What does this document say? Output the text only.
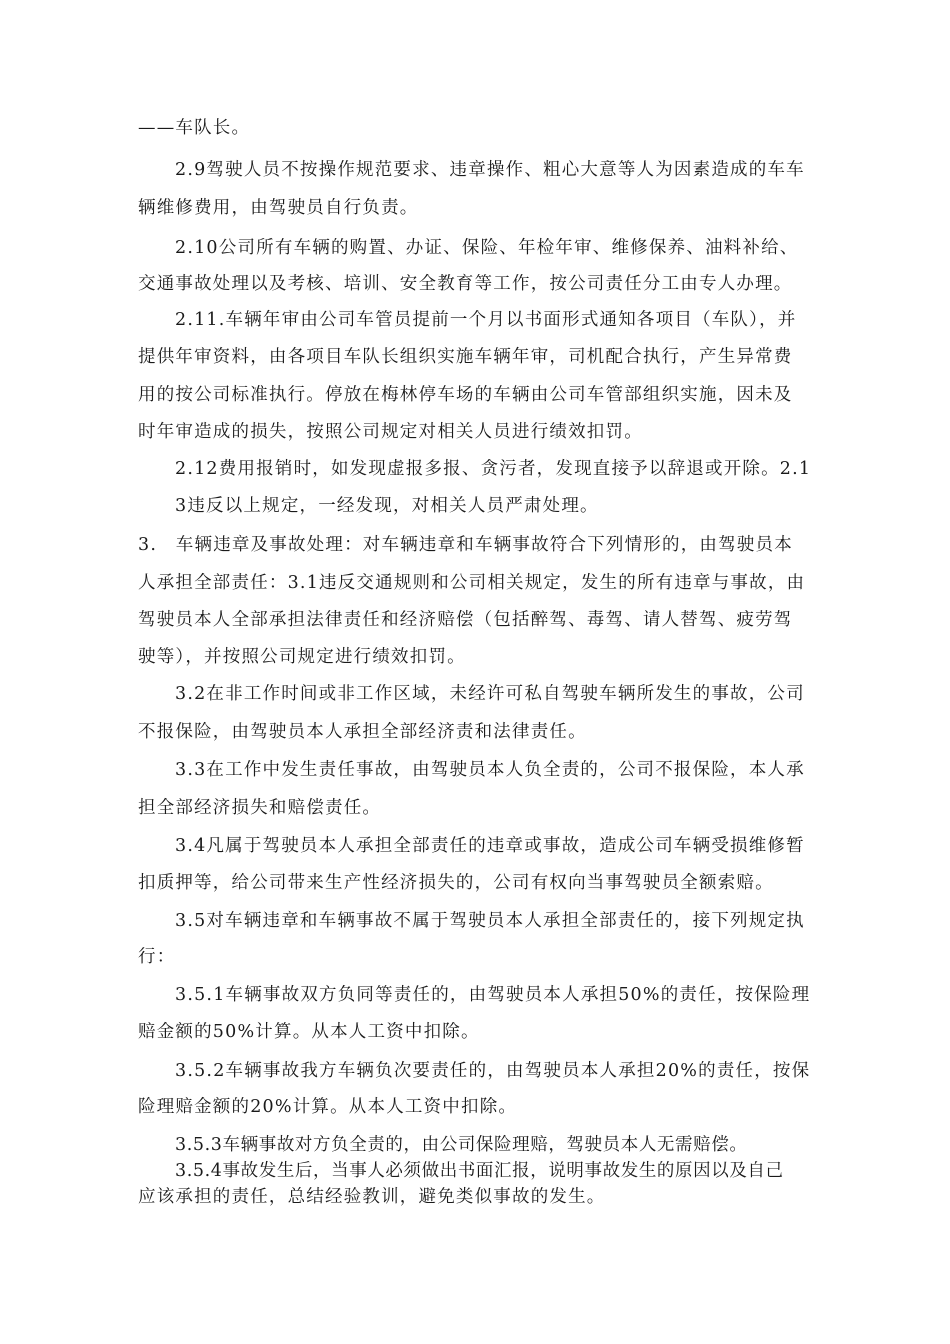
——车队长。
2.9驾驶人员不按操作规范要求、违章操作、粗心大意等人为因素造成的车车
辆维修费用，由驾驶员自行负责。
2.10公司所有车辆的购置、办证、保险、年检年审、维修保养、油料补给、
交通事故处理以及考核、培训、安全教育等工作，按公司责任分工由专人办理。
2.11.车辆年审由公司车管员提前一个月以书面形式通知各项目（车队），并
提供年审资料，由各项目车队长组织实施车辆年审，司机配合执行，产生异常费
用的按公司标准执行。停放在梅林停车场的车辆由公司车管部组织实施，因未及
时年审造成的损失，按照公司规定对相关人员进行绩效扣罚。
2.12费用报销时，如发现虚报多报、贪污者，发现直接予以辞退或开除。2.1
3违反以上规定，一经发现，对相关人员严肃处理。
3.　车辆违章及事故处理：对车辆违章和车辆事故符合下列情形的，由驾驶员本
人承担全部责任：3.1违反交通规则和公司相关规定，发生的所有违章与事故，由
驾驶员本人全部承担法律责任和经济赔偿（包括醉驾、毒驾、请人替驾、疲劳驾
驶等），并按照公司规定进行绩效扣罚。
3.2在非工作时间或非工作区域，未经许可私自驾驶车辆所发生的事故，公司
不报保险，由驾驶员本人承担全部经济责和法律责任。
3.3在工作中发生责任事故，由驾驶员本人负全责的，公司不报保险，本人承
担全部经济损失和赔偿责任。
3.4凡属于驾驶员本人承担全部责任的违章或事故，造成公司车辆受损维修暂
扣质押等，给公司带来生产性经济损失的，公司有权向当事驾驶员全额索赔。
3.5对车辆违章和车辆事故不属于驾驶员本人承担全部责任的，接下列规定执
行：
3.5.1车辆事故双方负同等责任的，由驾驶员本人承担50%的责任，按保险理
赔金额的50%计算。从本人工资中扣除。
3.5.2车辆事故我方车辆负次要责任的，由驾驶员本人承担20%的责任，按保
险理赔金额的20%计算。从本人工资中扣除。
3.5.3车辆事故对方负全责的，由公司保险理赔，驾驶员本人无需赔偿。
3.5.4事故发生后，当事人必须做出书面汇报，说明事故发生的原因以及自己
应该承担的责任，总结经验教训，避免类似事故的发生。
